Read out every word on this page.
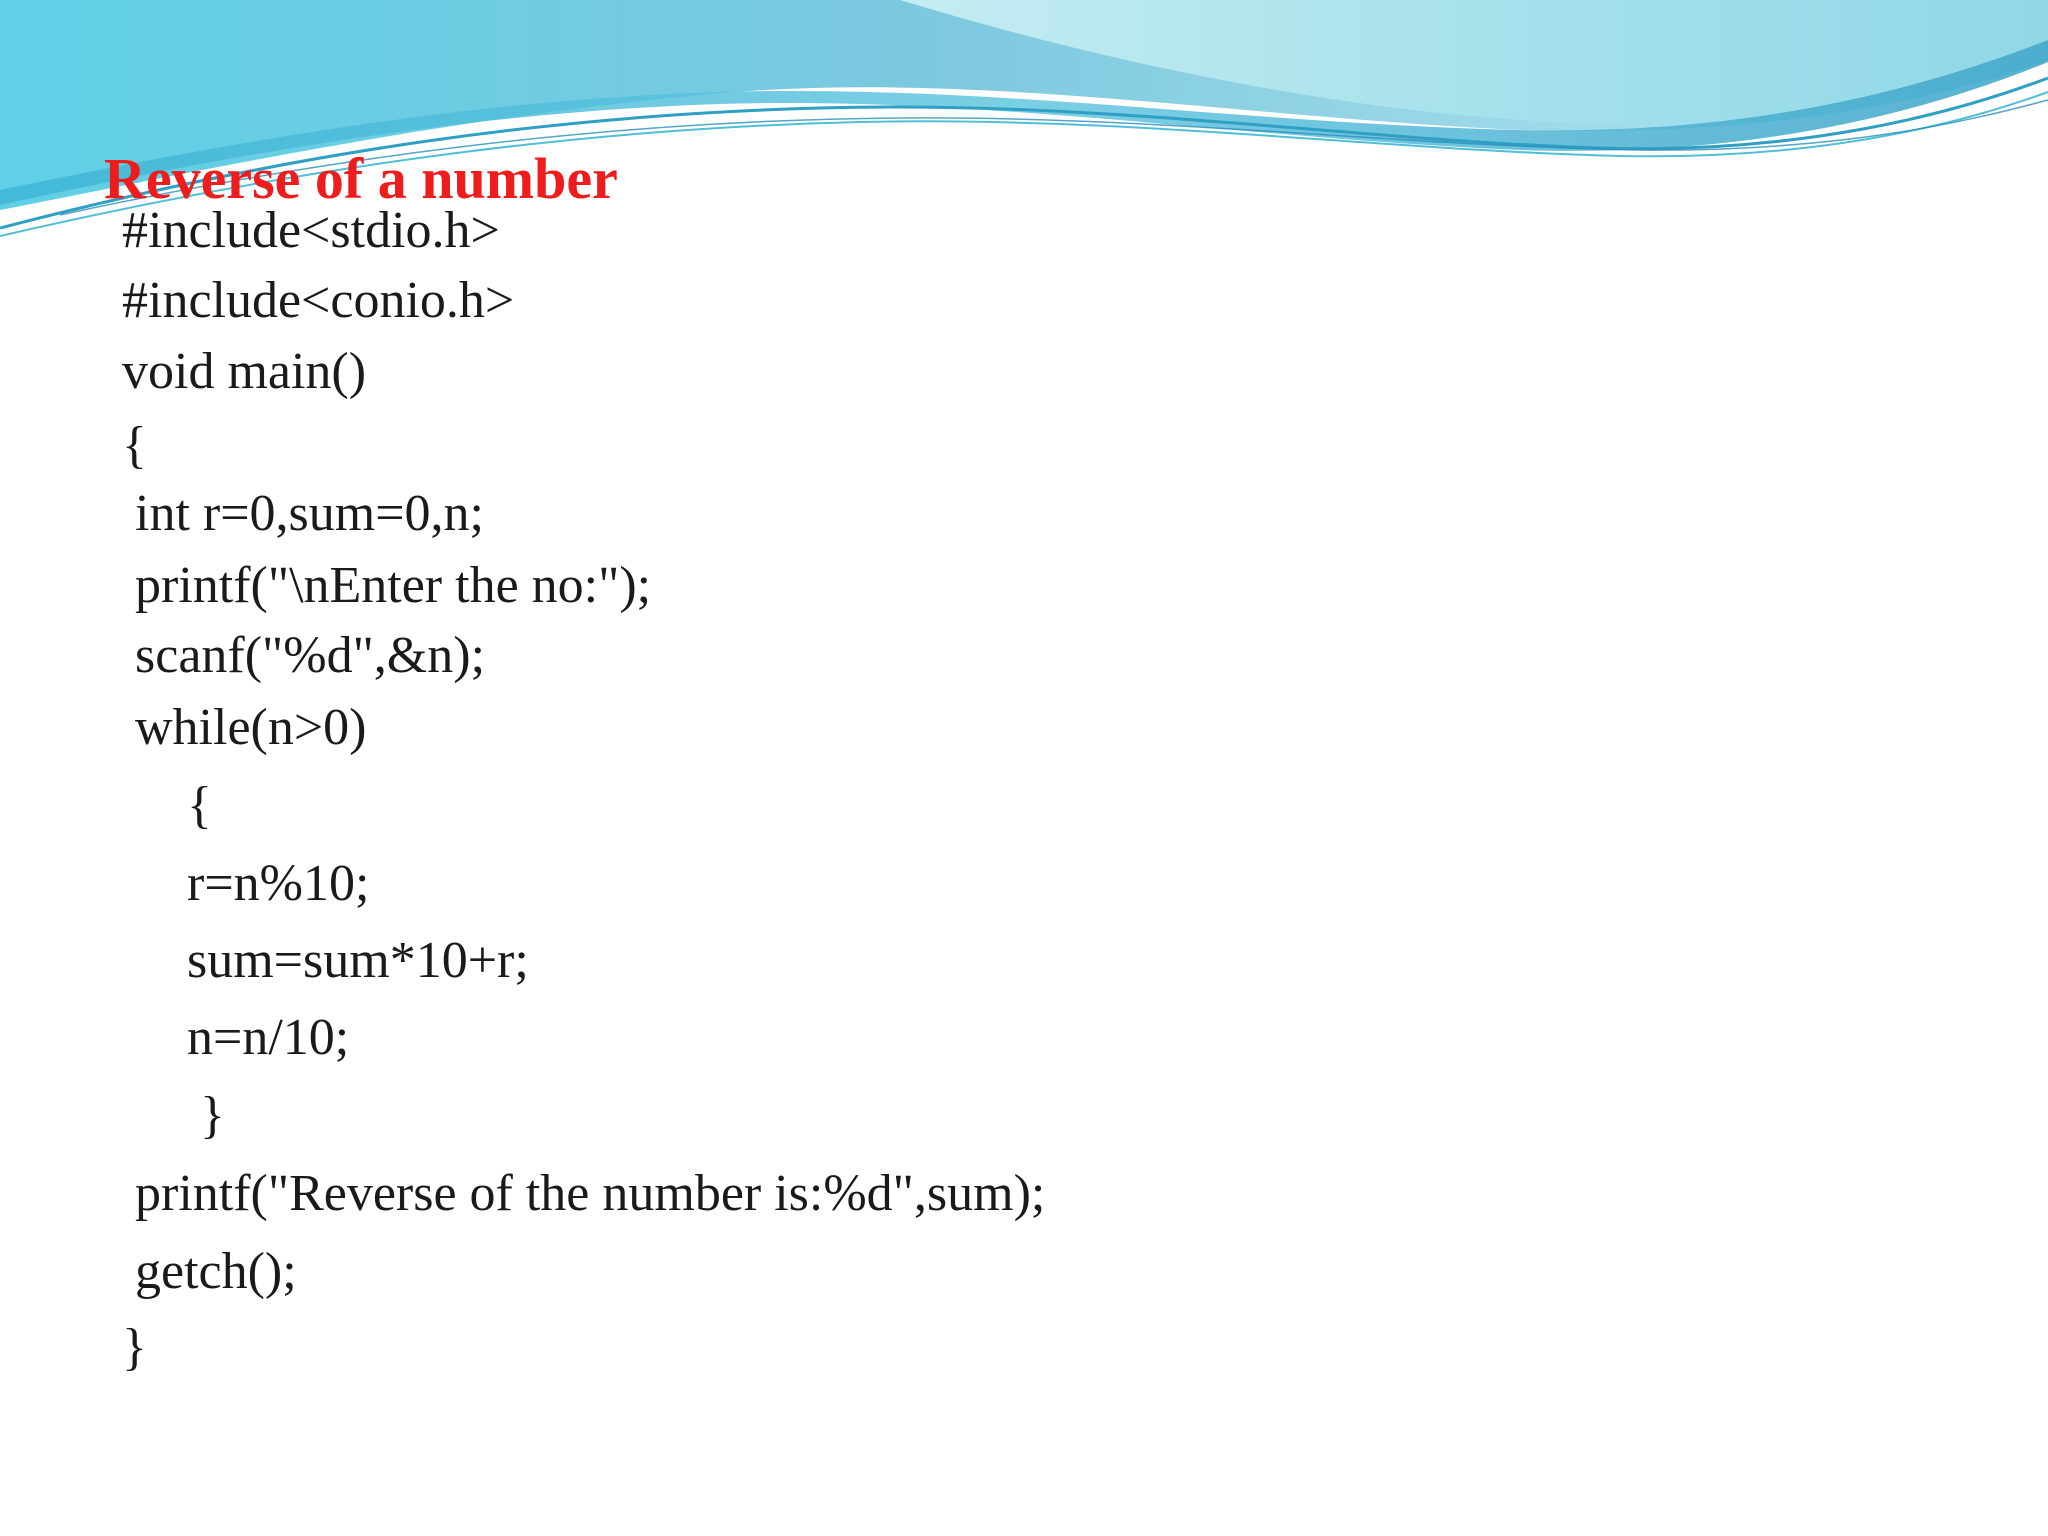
Reverse of a number
#include<stdio.h>
#include<conio.h>
void main()
{
int r=0,sum=0,n;
printf("\nEnter the no:");
scanf("%d",&n);
while(n>0)
{
r=n%10;
sum=sum*10+r;
n=n/10;
}
printf("Reverse of the number is:%d",sum);
getch();
}
